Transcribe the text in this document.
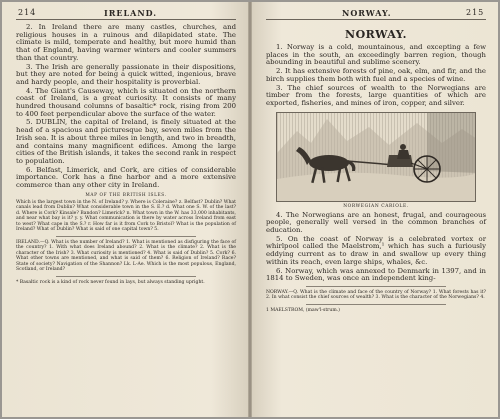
214	IRELAND.

2. In Ireland there are many castles, churches, and religious houses in a ruinous and dilapidated state. The climate is mild, temperate and healthy, but more humid than that of England, having warmer winters and cooler summers than that country.

3. The Irish are generally passionate in their dispositions, but they are noted for being a quick witted, ingenious, brave and hardy people, and their hospitality is proverbial.

4. The Giant's Causeway, which is situated on the northern coast of Ireland, is a great curiosity. It consists of many hundred thousand columns of basaltic* rock, rising from 200 to 400 feet perpendicular above the surface of the water.

5. DUBLIN, the capital of Ireland, is finely situated at the head of a spacious and picturesque bay, seven miles from the Irish sea. It is about three miles in length, and two in breadth, and contains many magnificent edifices. Among the large cities of the British islands, it takes the second rank in respect to population.

6. Belfast, Limerick, and Cork, are cities of considerable importance. Cork has a fine harbor and a more extensive commerce than any other city in Ireland.

MAP OF THE BRITISH ISLES.

Which is the largest town in the N. of Ireland? y. Where is Coleraine? z. Belfast? Dublin? What canals lead from Dublin? What considerable town in the S. E.? d. What one S. W. of the last? d. Where is Cork? Kinsale? Bandon? Limerick? n. What town in the W. has 33,000 inhabitants, and near what bay is it? y. y. What communication is there by water across Ireland from east to west? What cape in the S.? r. How far is it from Cork to Bristol? What is the population of Ireland? What of Dublin? What is said of one capital town? 5.

IRELAND.—Q. What is the number of Ireland? 1. What is mentioned as disfiguring the face of the country? 1. With what does Ireland abound? 2. What is the climate? 2. What is the character of the Irish? 3. What curiosity is mentioned? 4. What is said of Dublin? 5. Cork? 6. What other towns are mentioned, and what is said of them? 6. Religion of Ireland? Race? State of society? Navigation of the Shannon? Lk. L-Ae. Which is the most populous, England, Scotland, or Ireland?

* Basaltic rock is a kind of rock never found in lays, but always standing upright.

NORWAY.	215
NORWAY.

1. Norway is a cold, mountainous, and excepting a few places in the south, an exceedingly barren region, though abounding in beautiful and sublime scenery.

2. It has extensive forests of pine, oak, elm, and fir, and the birch supplies them both with fuel and a species of wine.

3. The chief sources of wealth to the Norwegians are timber from the forests, large quantities of which are exported, fisheries, and mines of iron, copper, and silver.

NORWEGIAN CARIOLE.

4. The Norwegians are an honest, frugal, and courageous people, generally well versed in the common branches of education.

5. On the coast of Norway is a celebrated vortex or whirlpool called the Maelstrom,¹ which has such a furiously eddying current as to draw in and swallow up every thing within its reach, even large ships, whales, &c.

6. Norway, which was annexed to Denmark in 1397, and in 1814 to Sweden, was once an independent king-

NORWAY.—Q. What is the climate and face of the country of Norway? 1. What forests has it? 2. In what consist the chief sources of wealth? 3. What is the character of the Norwegians? 4.

1 MAELSTROM, (maw'l-strum.)
